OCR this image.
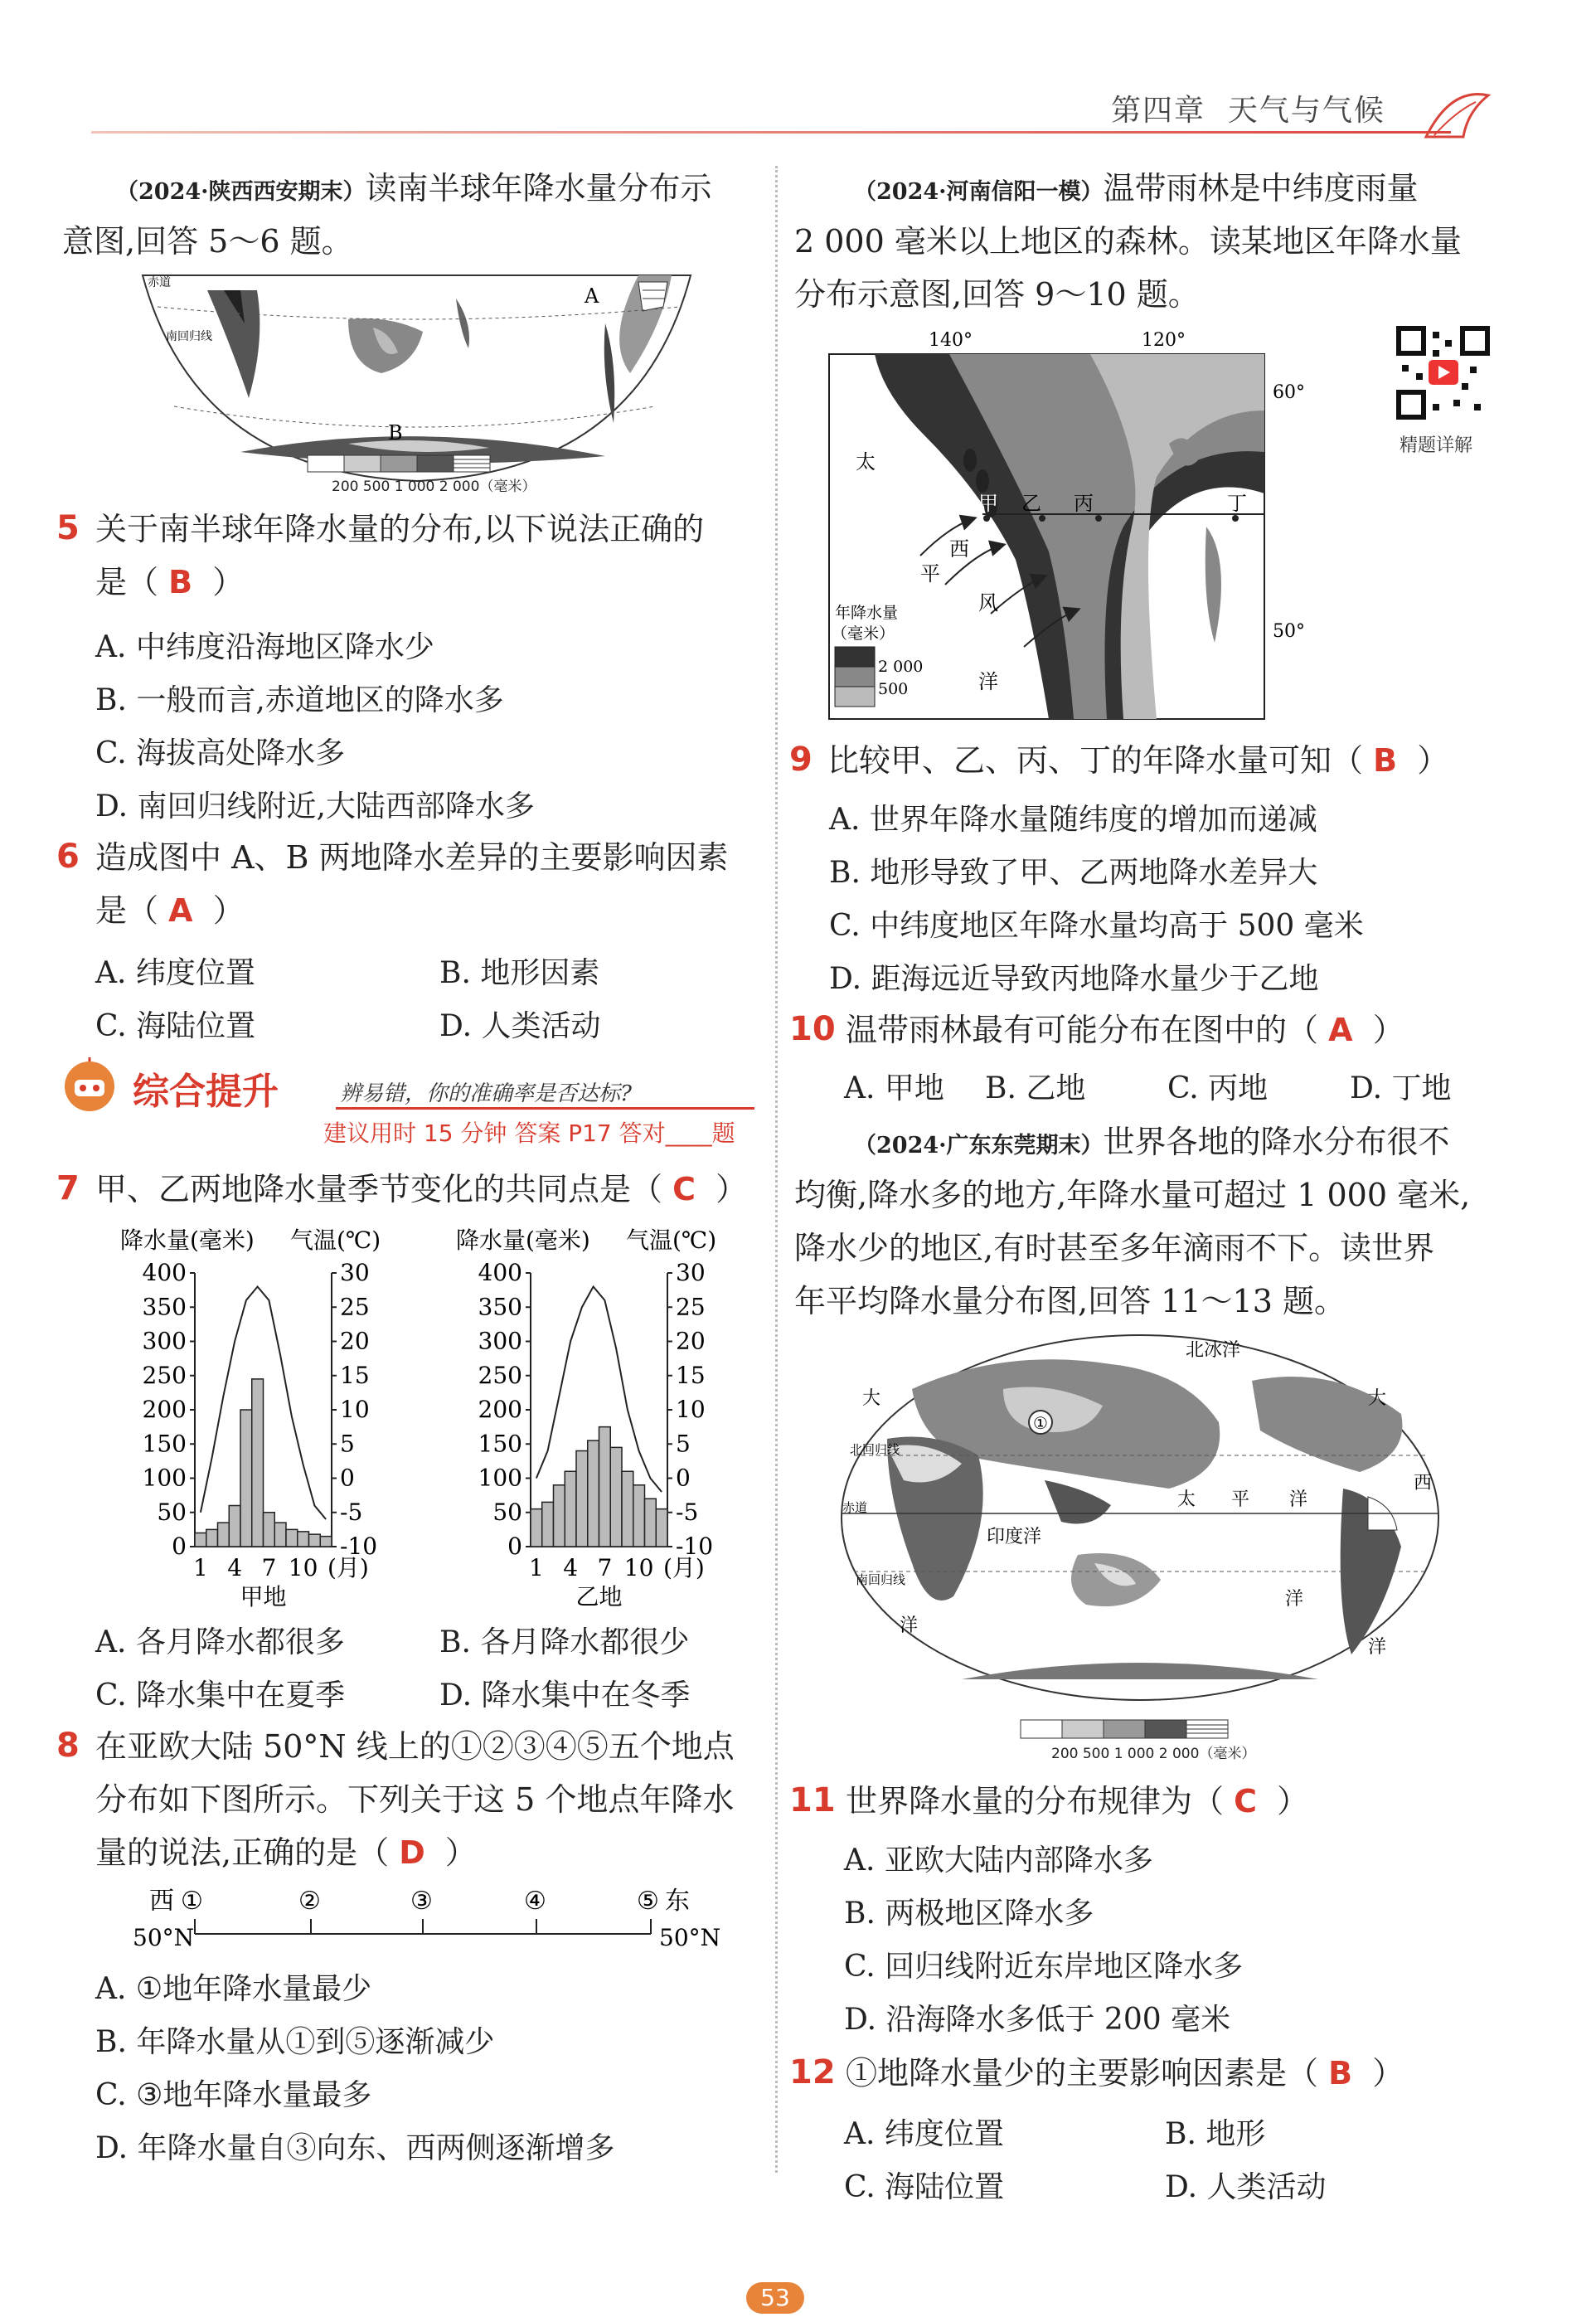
第四章 天气与气候
（2024·陕西西安期末）读南半球年降水量分布示
意图,回答 5～6 题。
赤道
南回归线
A
B
200 500 1 000 2 000（毫米）
5 关于南半球年降水量的分布,以下说法正确的
是（ B ）
A. 中纬度沿海地区降水少
B. 一般而言,赤道地区的降水多
C. 海拔高处降水多
D. 南回归线附近,大陆西部降水多
6 造成图中 A、B 两地降水差异的主要影响因素
是（ A ）
A. 纬度位置	B. 地形因素
C. 海陆位置	D. 人类活动
综合提升	辨易错，你的准确率是否达标?
建议用时 15 分钟 答案 P17 答对____题
7 甲、乙两地降水量季节变化的共同点是（ C ）
降水量(毫米) 气温(℃)
0
50
100
150
200
250
300
350
400
-10
-5
0
5
10
15
20
25
30
1 4 7 10 (月)
甲地
降水量(毫米) 气温(℃)
0
50
100
150
200
250
300
350
400
-10
-5
0
5
10
15
20
25
30
1 4 7 10 (月)
乙地
A. 各月降水都很多	B. 各月降水都很少
C. 降水集中在夏季	D. 降水集中在冬季
8 在亚欧大陆 50°N 线上的①②③④⑤五个地点
分布如下图所示。下列关于这 5 个地点年降水
量的说法,正确的是（ D ）
西 ①	②	③	④	⑤ 东
50°N	50°N
A. ①地年降水量最少
B. 年降水量从①到⑤逐渐减少
C. ③地年降水量最多
D. 年降水量自③向东、西两侧逐渐增多
（2024·河南信阳一模）温带雨林是中纬度雨量
2 000 毫米以上地区的森林。读某地区年降水量
分布示意图,回答 9～10 题。
140°	120°
60°
50°
太
平
西
风
洋
甲 乙 丙	丁
年降水量
（毫米）
2 000
500
精题详解
9 比较甲、乙、丙、丁的年降水量可知（ B ）
A. 世界年降水量随纬度的增加而递减
B. 地形导致了甲、乙两地降水差异大
C. 中纬度地区年降水量均高于 500 毫米
D. 距海远近导致丙地降水量少于乙地
10 温带雨林最有可能分布在图中的（ A ）
A. 甲地 B. 乙地	C. 丙地	D. 丁地
（2024·广东东莞期末）世界各地的降水分布很不
均衡,降水多的地方,年降水量可超过 1 000 毫米,
降水少的地区,有时甚至多年滴雨不下。读世界
年平均降水量分布图,回答 11～13 题。
①
北冰洋
大	大
西
赤道
北回归线
南回归线
太 平 洋
印度洋
洋
洋
洋
200 500 1 000 2 000（毫米）
11 世界降水量的分布规律为（ C ）
A. 亚欧大陆内部降水多
B. 两极地区降水多
C. 回归线附近东岸地区降水多
D. 沿海降水多低于 200 毫米
12 ①地降水量少的主要影响因素是（ B ）
A. 纬度位置	B. 地形
C. 海陆位置	D. 人类活动
53
